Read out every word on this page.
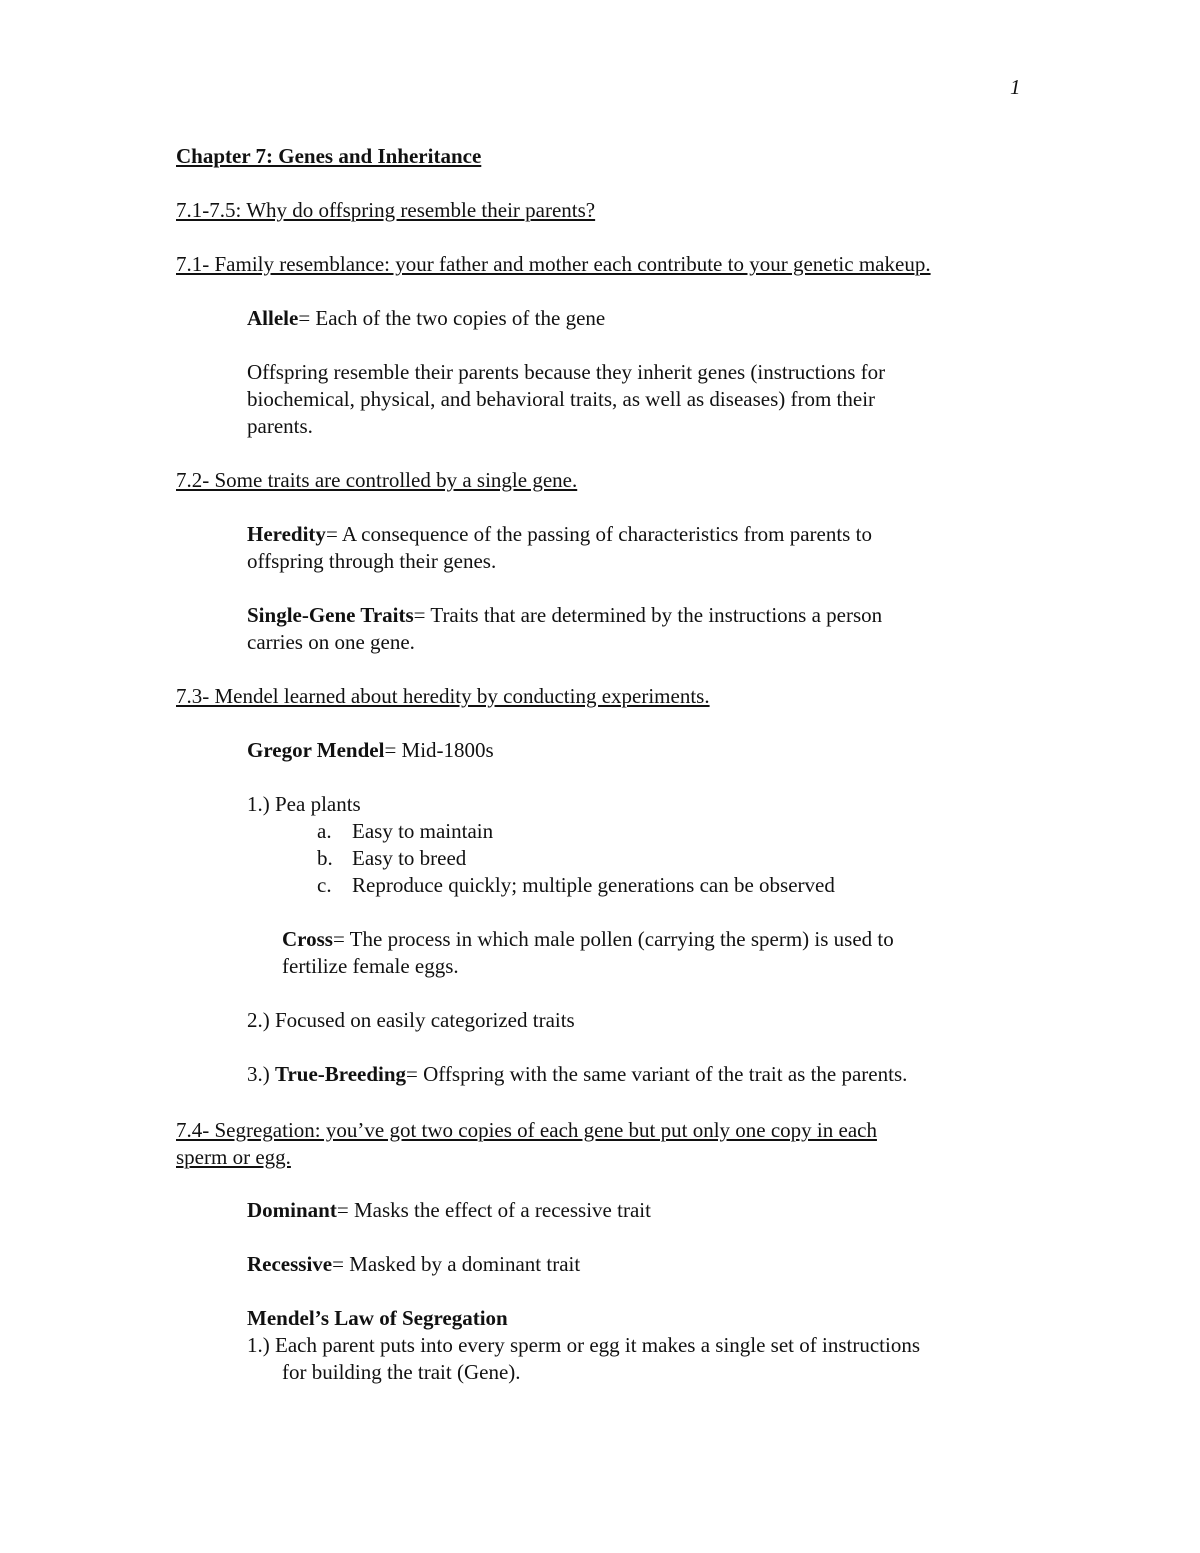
1
Chapter 7: Genes and Inheritance
7.1-7.5: Why do offspring resemble their parents?
7.1- Family resemblance: your father and mother each contribute to your genetic makeup.
Allele= Each of the two copies of the gene
Offspring resemble their parents because they inherit genes (instructions for
biochemical, physical, and behavioral traits, as well as diseases) from their
parents.
7.2- Some traits are controlled by a single gene.
Heredity= A consequence of the passing of characteristics from parents to
offspring through their genes.
Single-Gene Traits= Traits that are determined by the instructions a person
carries on one gene.
7.3- Mendel learned about heredity by conducting experiments.
Gregor Mendel= Mid-1800s
1.) Pea plants
a. Easy to maintain
b. Easy to breed
c. Reproduce quickly; multiple generations can be observed
Cross= The process in which male pollen (carrying the sperm) is used to
fertilize female eggs.
2.) Focused on easily categorized traits
3.) True-Breeding= Offspring with the same variant of the trait as the parents.
7.4- Segregation: you’ve got two copies of each gene but put only one copy in each
sperm or egg.
Dominant= Masks the effect of a recessive trait
Recessive= Masked by a dominant trait
Mendel’s Law of Segregation
1.) Each parent puts into every sperm or egg it makes a single set of instructions
for building the trait (Gene).
